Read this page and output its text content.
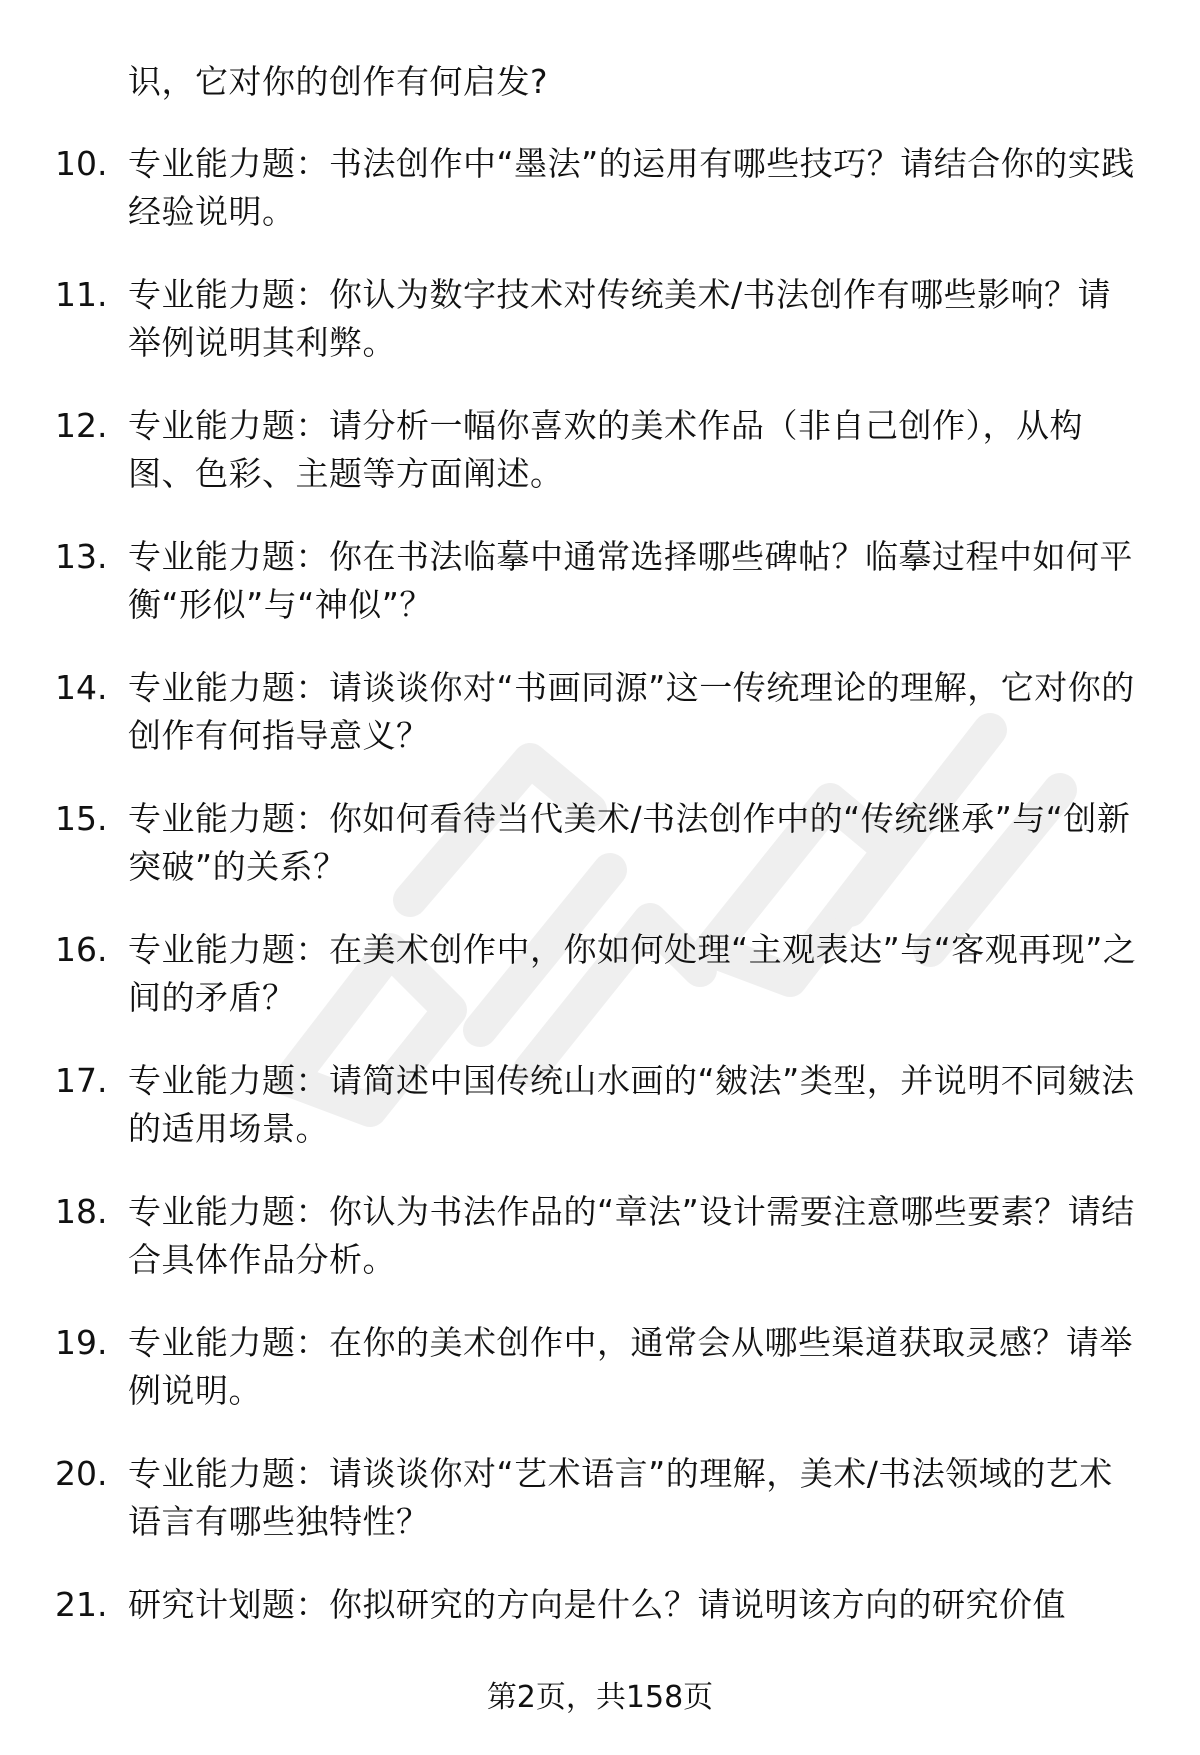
识，它对你的创作有何启发?
10. 专业能力题：书法创作中“墨法”的运用有哪些技巧？请结合你的实践经验说明。
11. 专业能力题：你认为数字技术对传统美术/书法创作有哪些影响？请举例说明其利弊。
12. 专业能力题：请分析一幅你喜欢的美术作品（非自己创作），从构图、色彩、主题等方面阐述。
13. 专业能力题：你在书法临摹中通常选择哪些碑帖？临摹过程中如何平衡“形似”与“神似”？
14. 专业能力题：请谈谈你对“书画同源”这一传统理论的理解，它对你的创作有何指导意义？
15. 专业能力题：你如何看待当代美术/书法创作中的“传统继承”与“创新突破”的关系？
16. 专业能力题：在美术创作中，你如何处理“主观表达”与“客观再现”之间的矛盾？
17. 专业能力题：请简述中国传统山水画的“皴法”类型，并说明不同皴法的适用场景。
18. 专业能力题：你认为书法作品的“章法”设计需要注意哪些要素？请结合具体作品分析。
19. 专业能力题：在你的美术创作中，通常会从哪些渠道获取灵感？请举例说明。
20. 专业能力题：请谈谈你对“艺术语言”的理解，美术/书法领域的艺术语言有哪些独特性？
21. 研究计划题：你拟研究的方向是什么？请说明该方向的研究价值
第2页，共158页
